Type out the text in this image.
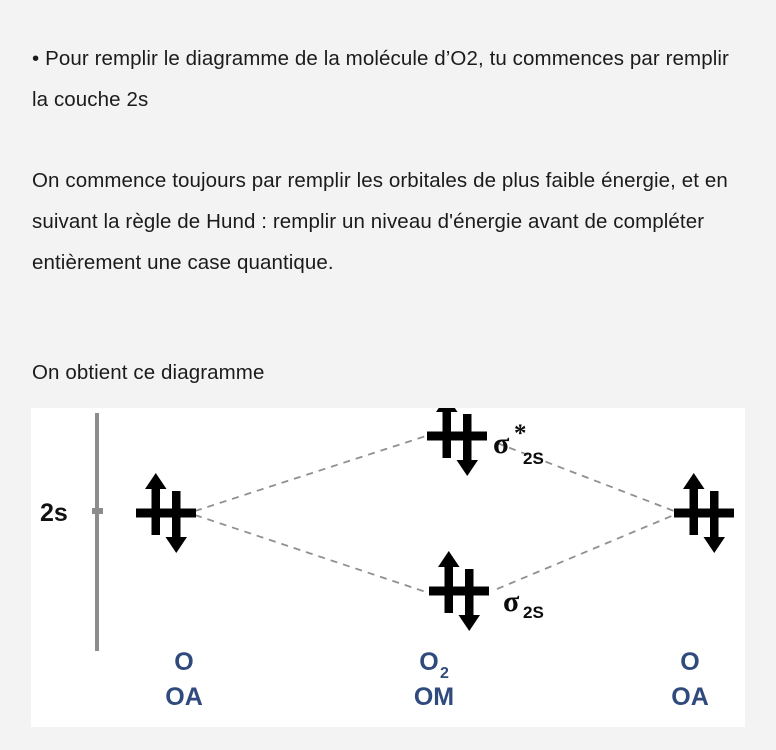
• Pour remplir le diagramme de la molécule d’O2, tu commences par remplir la couche 2s

On commence toujours par remplir les orbitales de plus faible énergie, et en suivant la règle de Hund : remplir un niveau d'énergie avant de compléter entièrement une case quantique.

On obtient ce diagramme

2s
σ *
2S
σ 2S
O
OA
O 2
OM
O
OA
